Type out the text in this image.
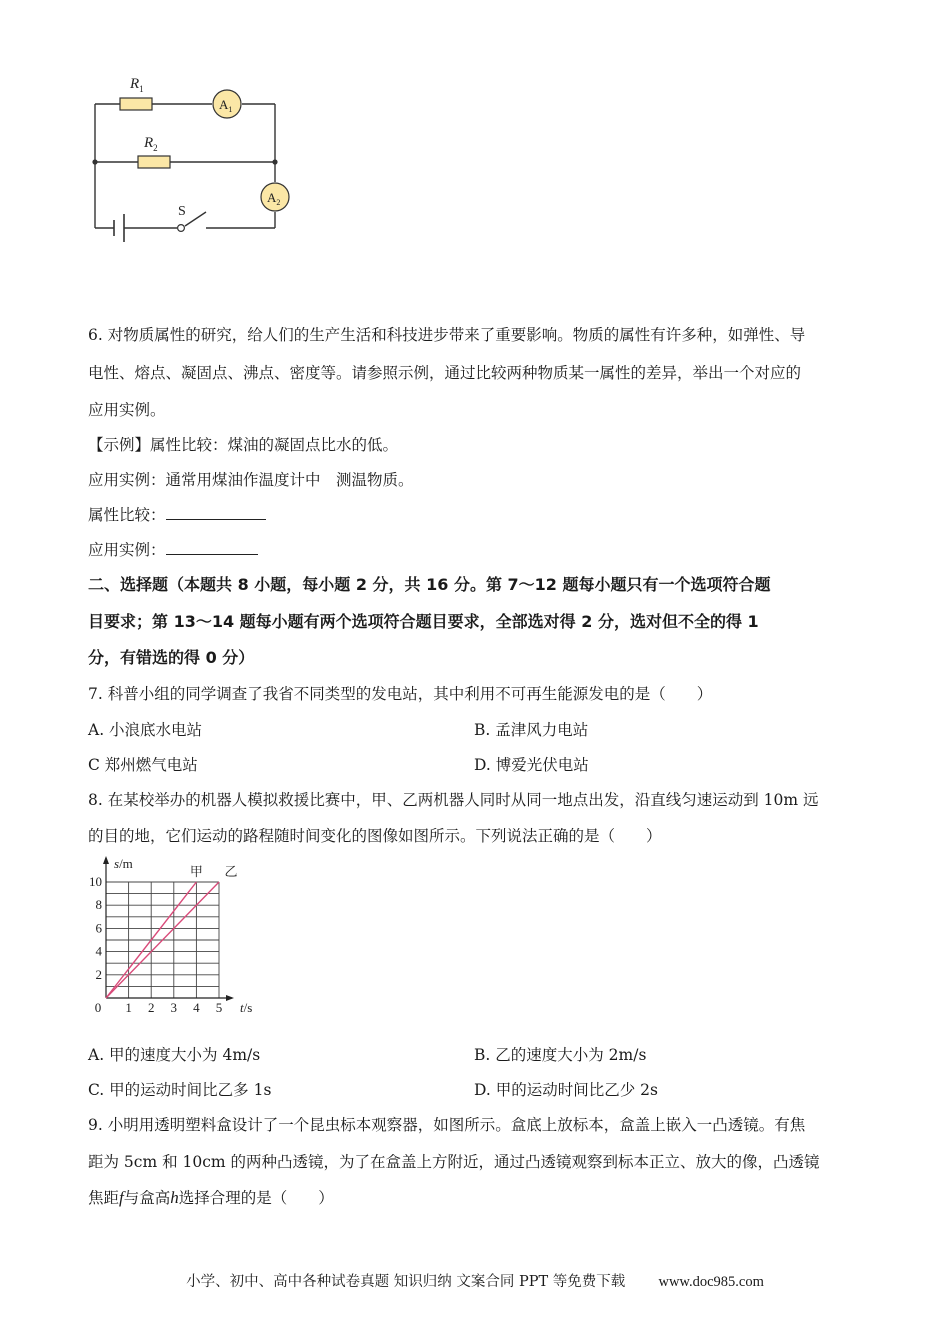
$R_1$
$R_2$
$A_1$
$A_2$
S
6. 对物质属性的研究，给人们的生产生活和科技进步带来了重要影响。物质的属性有许多种，如弹性、导
电性、熔点、凝固点、沸点、密度等。请参照示例，通过比较两种物质某一属性的差异，举出一个对应的
应用实例。
【示例】属性比较：煤油的凝固点比水的低。
应用实例：通常用煤油作温度计中　测温物质。
属性比较：
应用实例：
二、选择题（本题共 8 小题，每小题 2 分，共 16 分。第 7～12 题每小题只有一个选项符合题
目要求；第 13～14 题每小题有两个选项符合题目要求，全部选对得 2 分，选对但不全的得 1
分，有错选的得 0 分）
7. 科普小组的同学调查了我省不同类型的发电站，其中利用不可再生能源发电的是（　　）
A. 小浪底水电站	B. 孟津风力电站
C 郑州燃气电站	D. 博爱光伏电站
8. 在某校举办的机器人模拟救援比赛中，甲、乙两机器人同时从同一地点出发，沿直线匀速运动到 10m 远
的目的地，它们运动的路程随时间变化的图像如图所示。下列说法正确的是（　　）
0 1 2 3 4 5
2
4
6
8
10
s/m
t/s
甲 乙
A. 甲的速度大小为 4m/s	B. 乙的速度大小为 2m/s
C. 甲的运动时间比乙多 1s	D. 甲的运动时间比乙少 2s
9. 小明用透明塑料盒设计了一个昆虫标本观察器，如图所示。盒底上放标本，盒盖上嵌入一凸透镜。有焦
距为 5cm 和 10cm 的两种凸透镜，为了在盒盖上方附近，通过凸透镜观察到标本正立、放大的像，凸透镜
焦距f与盒高h选择合理的是（　　）
小学、初中、高中各种试卷真题 知识归纳 文案合同 PPT 等免费下载 www.doc985.com
